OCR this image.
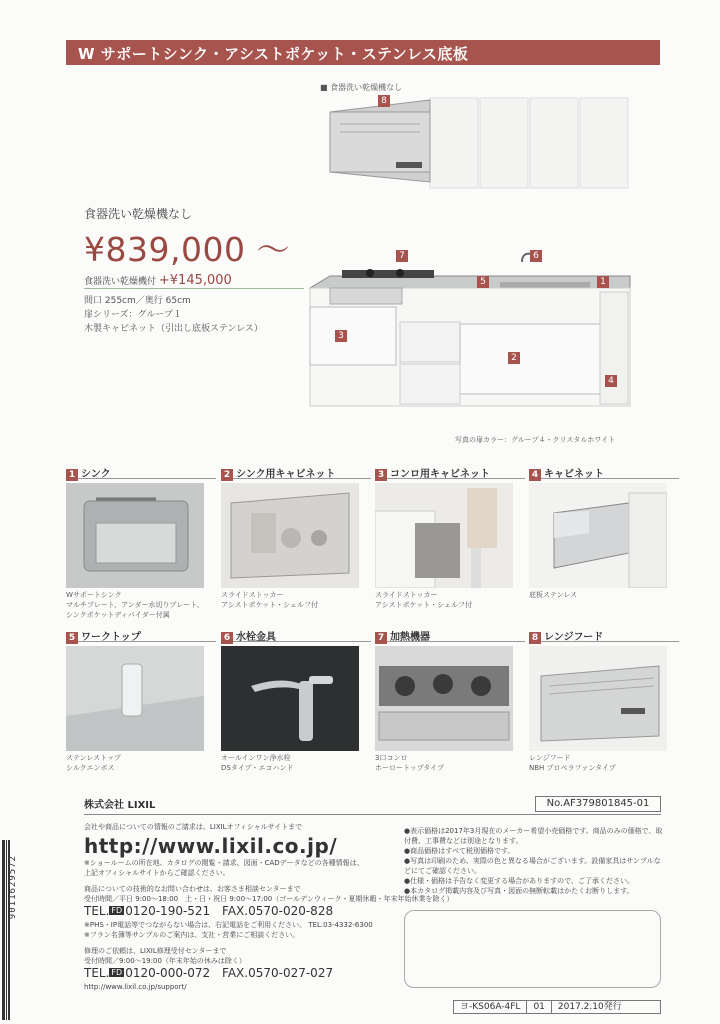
W サポートシンク・アシストポケット・ステンレス底板
■ 食器洗い乾燥機なし
8
7	6
5	1
3
2
4
写真の扉カラー：グループ４・クリスタルホワイト
食器洗い乾燥機なし
¥839,000 〜
食器洗い乾燥機付 +¥145,000
間口 255cm／奥行 65cm
扉シリーズ：グループ１
木製キャビネット（引出し底板ステンレス）
1 シンク
Wサポートシンク
マルチプレート、アンダー水切りプレート、
シンクポケットディバイダー付属
2 シンク用キャビネット
スライドストッカー
アシストポケット・シェルフ付
3 コンロ用キャビネット
スライドストッカー
アシストポケット・シェルフ付
4 キャビネット
底板ステンレス
5 ワークトップ
ステンレストップ
シルクエンボス
6 水栓金具
オールインワン浄水栓
DSタイプ・エコハンド
7 加熱機器
3口コンロ
ホーロートップタイプ
8 レンジフード
レンジフード
NBH プロペラファンタイプ
株式会社 LIXIL	No.AF379801845-01
会社や商品についての情報のご請求は、LIXILオフィシャルサイトまで
http://www.lixil.co.jp/
※ショールームの所在地、カタログの閲覧・請求、図面・CADデータなどの各種情報は、
上記オフィシャルサイトからご確認ください。
商品についての技術的なお問い合わせは、お客さま相談センターまで
受付時間／平日 9:00〜18:00　土・日・祝日 9:00〜17:00（ゴールデンウィーク・夏期休暇・年末年始休業を除く）
TEL. FD 0120-190-521 FAX.0570-020-828
※PHS・IP電話等でつながらない場合は、右記電話をご利用ください。 TEL.03-4332-6300
※フラン名簿等サンプルのご案内は、支社・営業にご相談ください。
修理のご依頼は、LIXIL修理受付センターまで
受付時間／9:00〜19:00（年末年始の休みは除く）
TEL. FD 0120-000-072 FAX.0570-027-027
http://www.lixil.co.jp/support/
●表示価格は2017年3月現在のメーカー希望小売価格です。商品のみの価格で、取付費、工事費などは別途となります。
●商品価格はすべて税別価格です。
●写真は印刷のため、実際の色と異なる場合がございます。設備家具はサンプルなどにてご確認ください。
●仕様・価格は予告なく変更する場合がありますので、ご了承ください。
●本カタログ掲載内容及び写真・図面の無断転載はかたくお断りします。
ヨ-KS06A-4FL	01	2017.2.10発行
9011629572
